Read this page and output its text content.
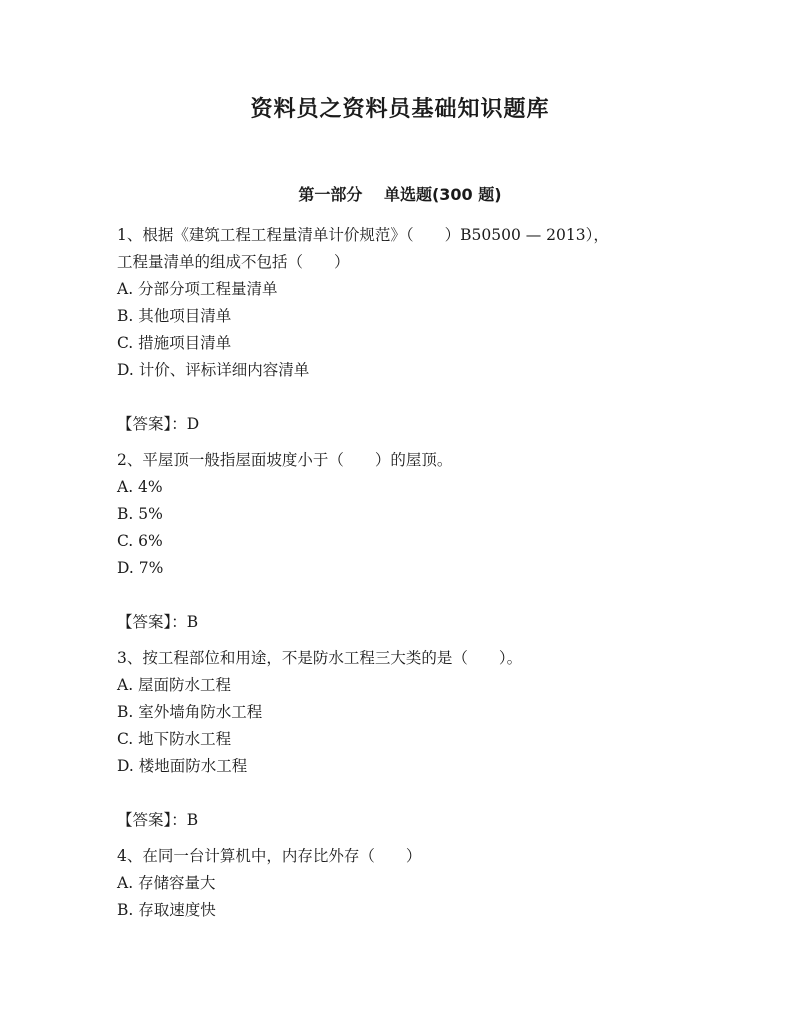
资料员之资料员基础知识题库
第一部分　 单选题(300 题)
1、根据《建筑工程工程量清单计价规范》（　　）B50500 — 2013），
工程量清单的组成不包括（　　）
A. 分部分项工程量清单
B. 其他项目清单
C. 措施项目清单
D. 计价、评标详细内容清单
【答案】：D
2、平屋顶一般指屋面坡度小于（　　）的屋顶。
A. 4%
B. 5%
C. 6%
D. 7%
【答案】：B
3、按工程部位和用途，不是防水工程三大类的是（　　）。
A. 屋面防水工程
B. 室外墙角防水工程
C. 地下防水工程
D. 楼地面防水工程
【答案】：B
4、在同一台计算机中，内存比外存（　　）
A. 存储容量大
B. 存取速度快
